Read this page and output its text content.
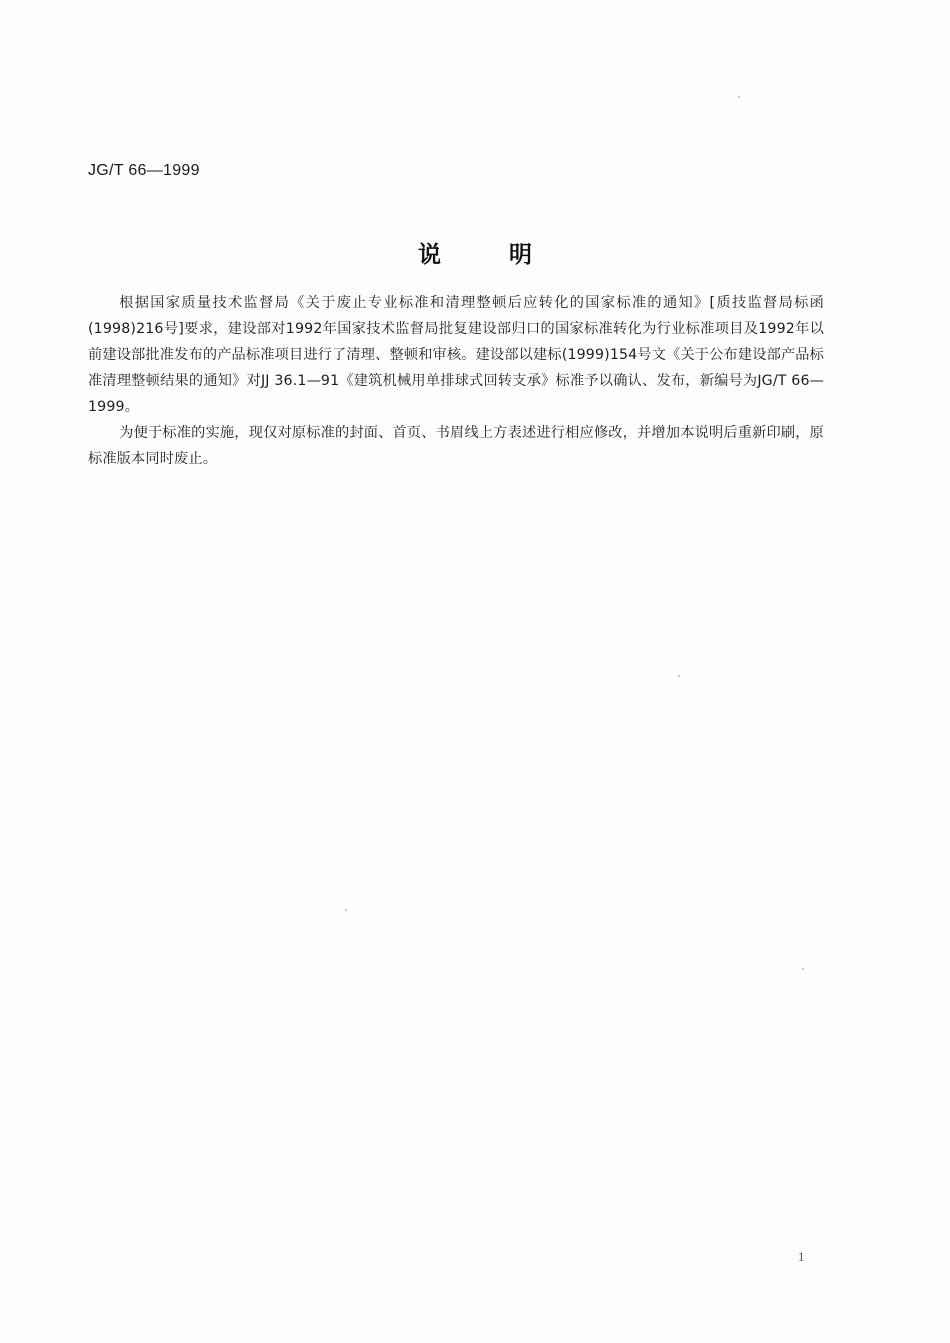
JG/T 66—1999
说	明

根据国家质量技术监督局《关于废止专业标准和清理整顿后应转化的国家标准的通知》[质技监督局标函(1998)216号]要求，建设部对1992年国家技术监督局批复建设部归口的国家标准转化为行业标准项目及1992年以前建设部批准发布的产品标准项目进行了清理、整顿和审核。建设部以建标(1999)154号文《关于公布建设部产品标准清理整顿结果的通知》对JJ 36.1—91《建筑机械用单排球式回转支承》标准予以确认、发布，新编号为JG/T 66—1999。

为便于标准的实施，现仅对原标准的封面、首页、书眉线上方表述进行相应修改，并增加本说明后重新印刷，原标准版本同时废止。

1
